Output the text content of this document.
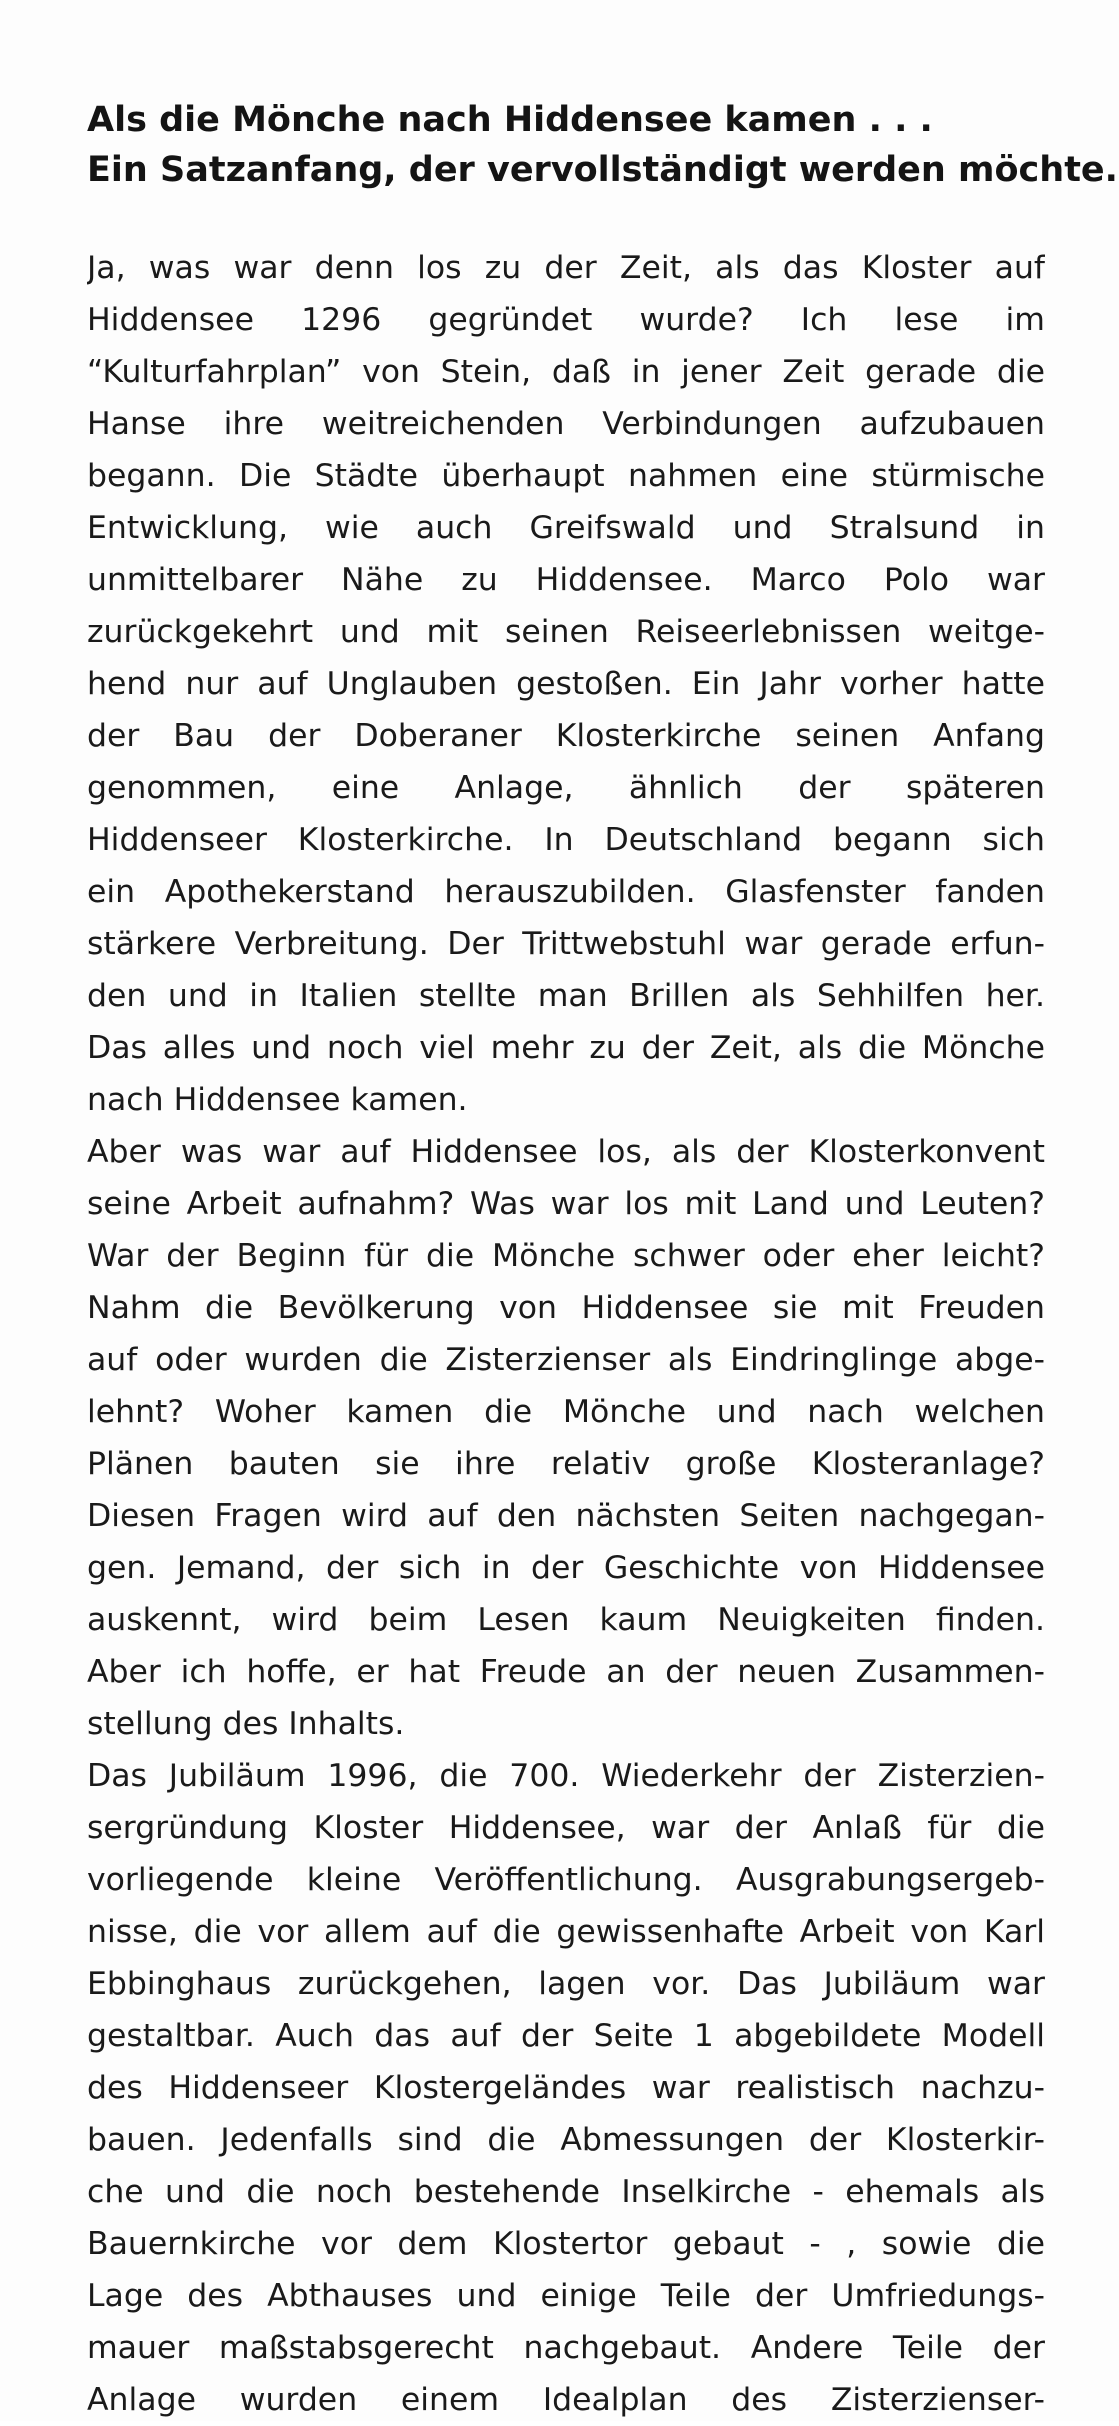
Als die Mönche nach Hiddensee kamen . . .
Ein Satzanfang, der vervollständigt werden möchte.
Ja, was war denn los zu der Zeit, als das Kloster auf
Hiddensee 1296 gegründet wurde? Ich lese im
“Kulturfahrplan” von Stein, daß in jener Zeit gerade die
Hanse ihre weitreichenden Verbindungen aufzubauen
begann. Die Städte überhaupt nahmen eine stürmische
Entwicklung, wie auch Greifswald und Stralsund in
unmittelbarer Nähe zu Hiddensee. Marco Polo war
zurückgekehrt und mit seinen Reiseerlebnissen weitge-
hend nur auf Unglauben gestoßen. Ein Jahr vorher hatte
der Bau der Doberaner Klosterkirche seinen Anfang
genommen, eine Anlage, ähnlich der späteren
Hiddenseer Klosterkirche. In Deutschland begann sich
ein Apothekerstand herauszubilden. Glasfenster fanden
stärkere Verbreitung. Der Trittwebstuhl war gerade erfun-
den und in Italien stellte man Brillen als Sehhilfen her.
Das alles und noch viel mehr zu der Zeit, als die Mönche
nach Hiddensee kamen.
Aber was war auf Hiddensee los, als der Klosterkonvent
seine Arbeit aufnahm? Was war los mit Land und Leuten?
War der Beginn für die Mönche schwer oder eher leicht?
Nahm die Bevölkerung von Hiddensee sie mit Freuden
auf oder wurden die Zisterzienser als Eindringlinge abge-
lehnt? Woher kamen die Mönche und nach welchen
Plänen bauten sie ihre relativ große Klosteranlage?
Diesen Fragen wird auf den nächsten Seiten nachgegan-
gen. Jemand, der sich in der Geschichte von Hiddensee
auskennt, wird beim Lesen kaum Neuigkeiten finden.
Aber ich hoffe, er hat Freude an der neuen Zusammen-
stellung des Inhalts.
Das Jubiläum 1996, die 700. Wiederkehr der Zisterzien-
sergründung Kloster Hiddensee, war der Anlaß für die
vorliegende kleine Veröffentlichung. Ausgrabungsergeb-
nisse, die vor allem auf die gewissenhafte Arbeit von Karl
Ebbinghaus zurückgehen, lagen vor. Das Jubiläum war
gestaltbar. Auch das auf der Seite 1 abgebildete Modell
des Hiddenseer Klostergeländes war realistisch nachzu-
bauen. Jedenfalls sind die Abmessungen der Klosterkir-
che und die noch bestehende Inselkirche - ehemals als
Bauernkirche vor dem Klostertor gebaut - , sowie die
Lage des Abthauses und einige Teile der Umfriedungs-
mauer maßstabsgerecht nachgebaut. Andere Teile der
Anlage wurden einem Idealplan des Zisterzienser-
